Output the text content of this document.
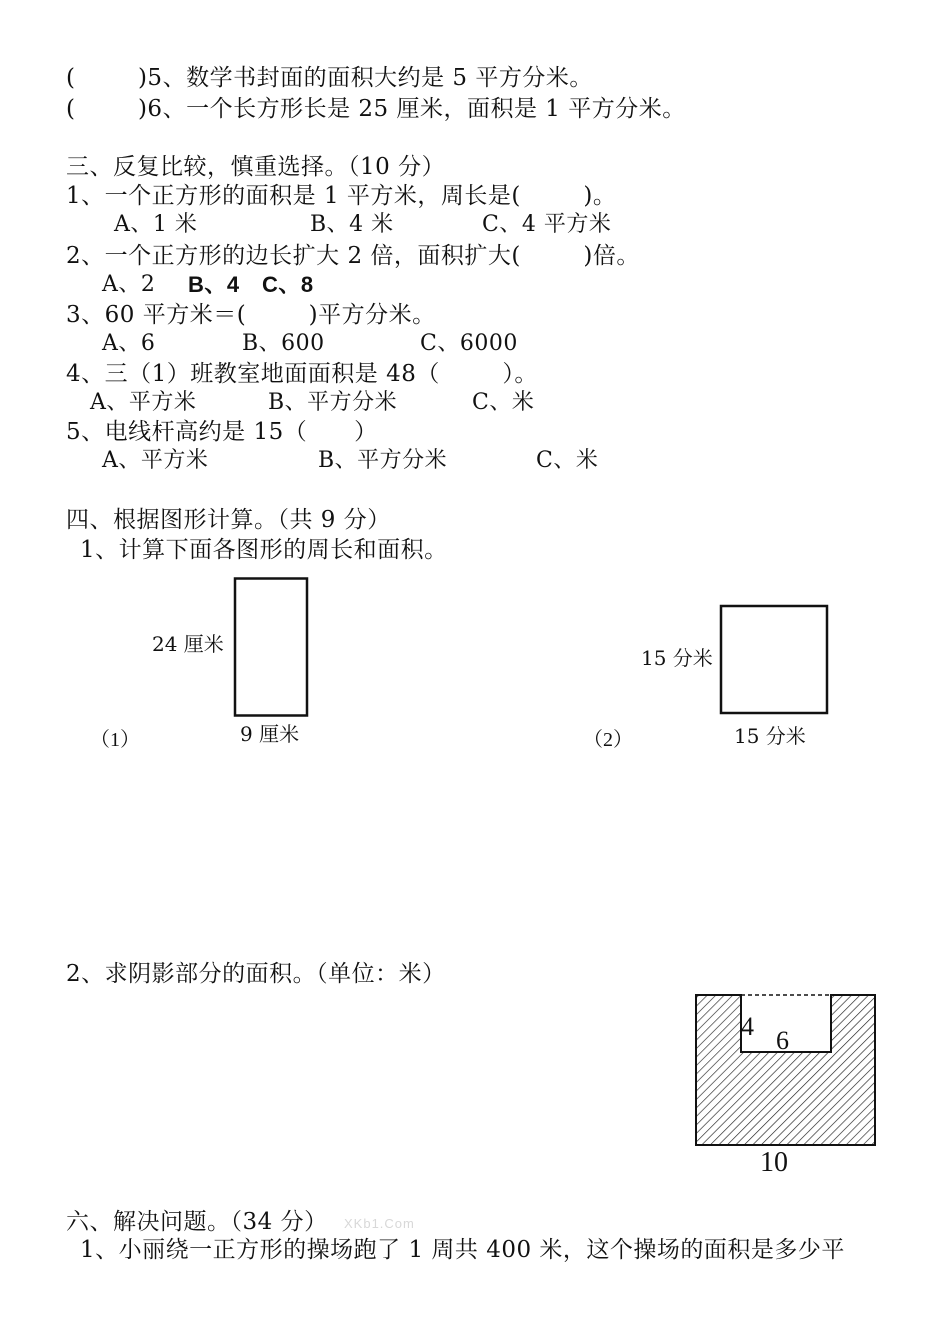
(        )5、数学书封面的面积大约是 5 平方分米。
(        )6、一个长方形长是 25 厘米，面积是 1 平方分米。
三、反复比较，慎重选择。（10 分）
1、一个正方形的面积是 1 平方米，周长是(        )。
A、1 米	B、4 米	C、4 平方米
2、一个正方形的边长扩大 2 倍，面积扩大(        )倍。
A、2 B、4 C、8
3、60 平方米＝(        )平方分米。
A、6	B、600	C、6000
4、三（1）班教室地面面积是 48（        ）。
A、平方米	B、平方分米	C、米
5、电线杆高约是 15（      ）
A、平方米	B、平方分米	C、米
四、根据图形计算。（共 9 分）
1、计算下面各图形的周长和面积。
24 厘米
9 厘米
（1）
15 分米
15 分米
（2）
2、求阴影部分的面积。（单位：米）
4 6
10
六、解决问题。（34 分） XKb1.Com
1、小丽绕一正方形的操场跑了 1 周共 400 米，这个操场的面积是多少平
